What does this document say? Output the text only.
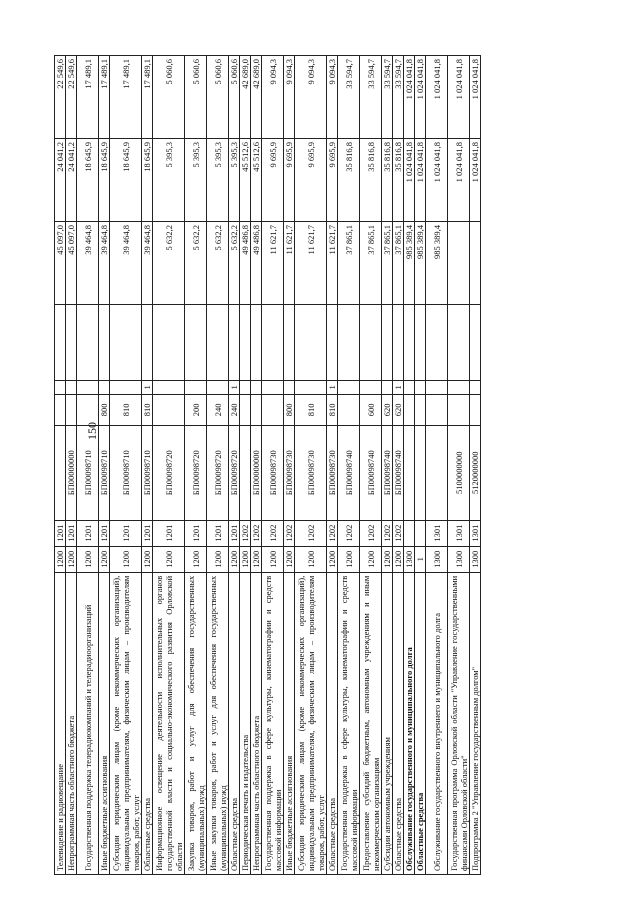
150
Телевидение и радиовещание	1200	1201					45 097,0	24 041,2	22 549,6
Непрограммная часть областного бюджета	1200	1201	БП00000000				45 097,0	24 041,2	22 549,6
Государственная поддержка телерадиокомпаний и телерадиоорганизаций	1200	1201	БП00098710				39 464,8	18 645,9	17 489,1
Иные бюджетные ассигнования	1200	1201	БП00098710	800			39 464,8	18 645,9	17 489,1
Субсидии юридическим лицам (кроме некоммерческих организаций), индивидуальным предпринимателям, физическим лицам – производителям товаров, работ, услуг	1200	1201	БП00098710	810			39 464,8	18 645,9	17 489,1
Областные средства	1200	1201	БП00098710	810	1		39 464,8	18 645,9	17 489,1
Информационное освещение деятельности исполнительных органов государственной власти и социально-экономического развития Орловской области	1200	1201	БП00098720				5 632,2	5 395,3	5 060,6
Закупка товаров, работ и услуг для обеспечения государственных (муниципальных) нужд	1200	1201	БП00098720	200			5 632,2	5 395,3	5 060,6
Иные закупки товаров, работ и услуг для обеспечения государственных (муниципальных) нужд	1200	1201	БП00098720	240			5 632,2	5 395,3	5 060,6
Областные средства	1200	1201	БП00098720	240	1		5 632,2	5 395,3	5 060,6
Периодическая печать и издательства	1200	1202					49 486,8	45 512,6	42 689,0
Непрограммная часть областного бюджета	1200	1202	БП00000000				49 486,8	45 512,6	42 689,0
Государственная поддержка в сфере культуры, кинематографии и средств массовой информации	1200	1202	БП00098730				11 621,7	9 695,9	9 094,3
Иные бюджетные ассигнования	1200	1202	БП00098730	800			11 621,7	9 695,9	9 094,3
Субсидии юридическим лицам (кроме некоммерческих организаций), индивидуальным предпринимателям, физическим лицам – производителям товаров, работ, услуг	1200	1202	БП00098730	810			11 621,7	9 695,9	9 094,3
Областные средства	1200	1202	БП00098730	810	1		11 621,7	9 695,9	9 094,3
Государственная поддержка в сфере культуры, кинематографии и средств массовой информации	1200	1202	БП00098740				37 865,1	35 816,8	33 594,7
Предоставление субсидий бюджетным, автономным учреждениям и иным некоммерческим организациям	1200	1202	БП00098740	600			37 865,1	35 816,8	33 594,7
Субсидии автономным учреждениям	1200	1202	БП00098740	620			37 865,1	35 816,8	33 594,7
Областные средства	1200	1202	БП00098740	620	1		37 865,1	35 816,8	33 594,7
Обслуживание государственного и муниципального долга	1300						985 389,4	1 024 041,8	1 024 041,8
Областные средства	1						985 389,4	1 024 041,8	1 024 041,8
Обслуживание государственного внутреннего и муниципального долга	1300	1301					985 389,4	1 024 041,8	1 024 041,8
Государственная программа Орловской области "Управление государственными финансами Орловской области"	1300	1301	5100000000					1 024 041,8	1 024 041,8
Подпрограмма 2 "Управление государственным долгом"	1300	1301	5120000000					1 024 041,8	1 024 041,8
